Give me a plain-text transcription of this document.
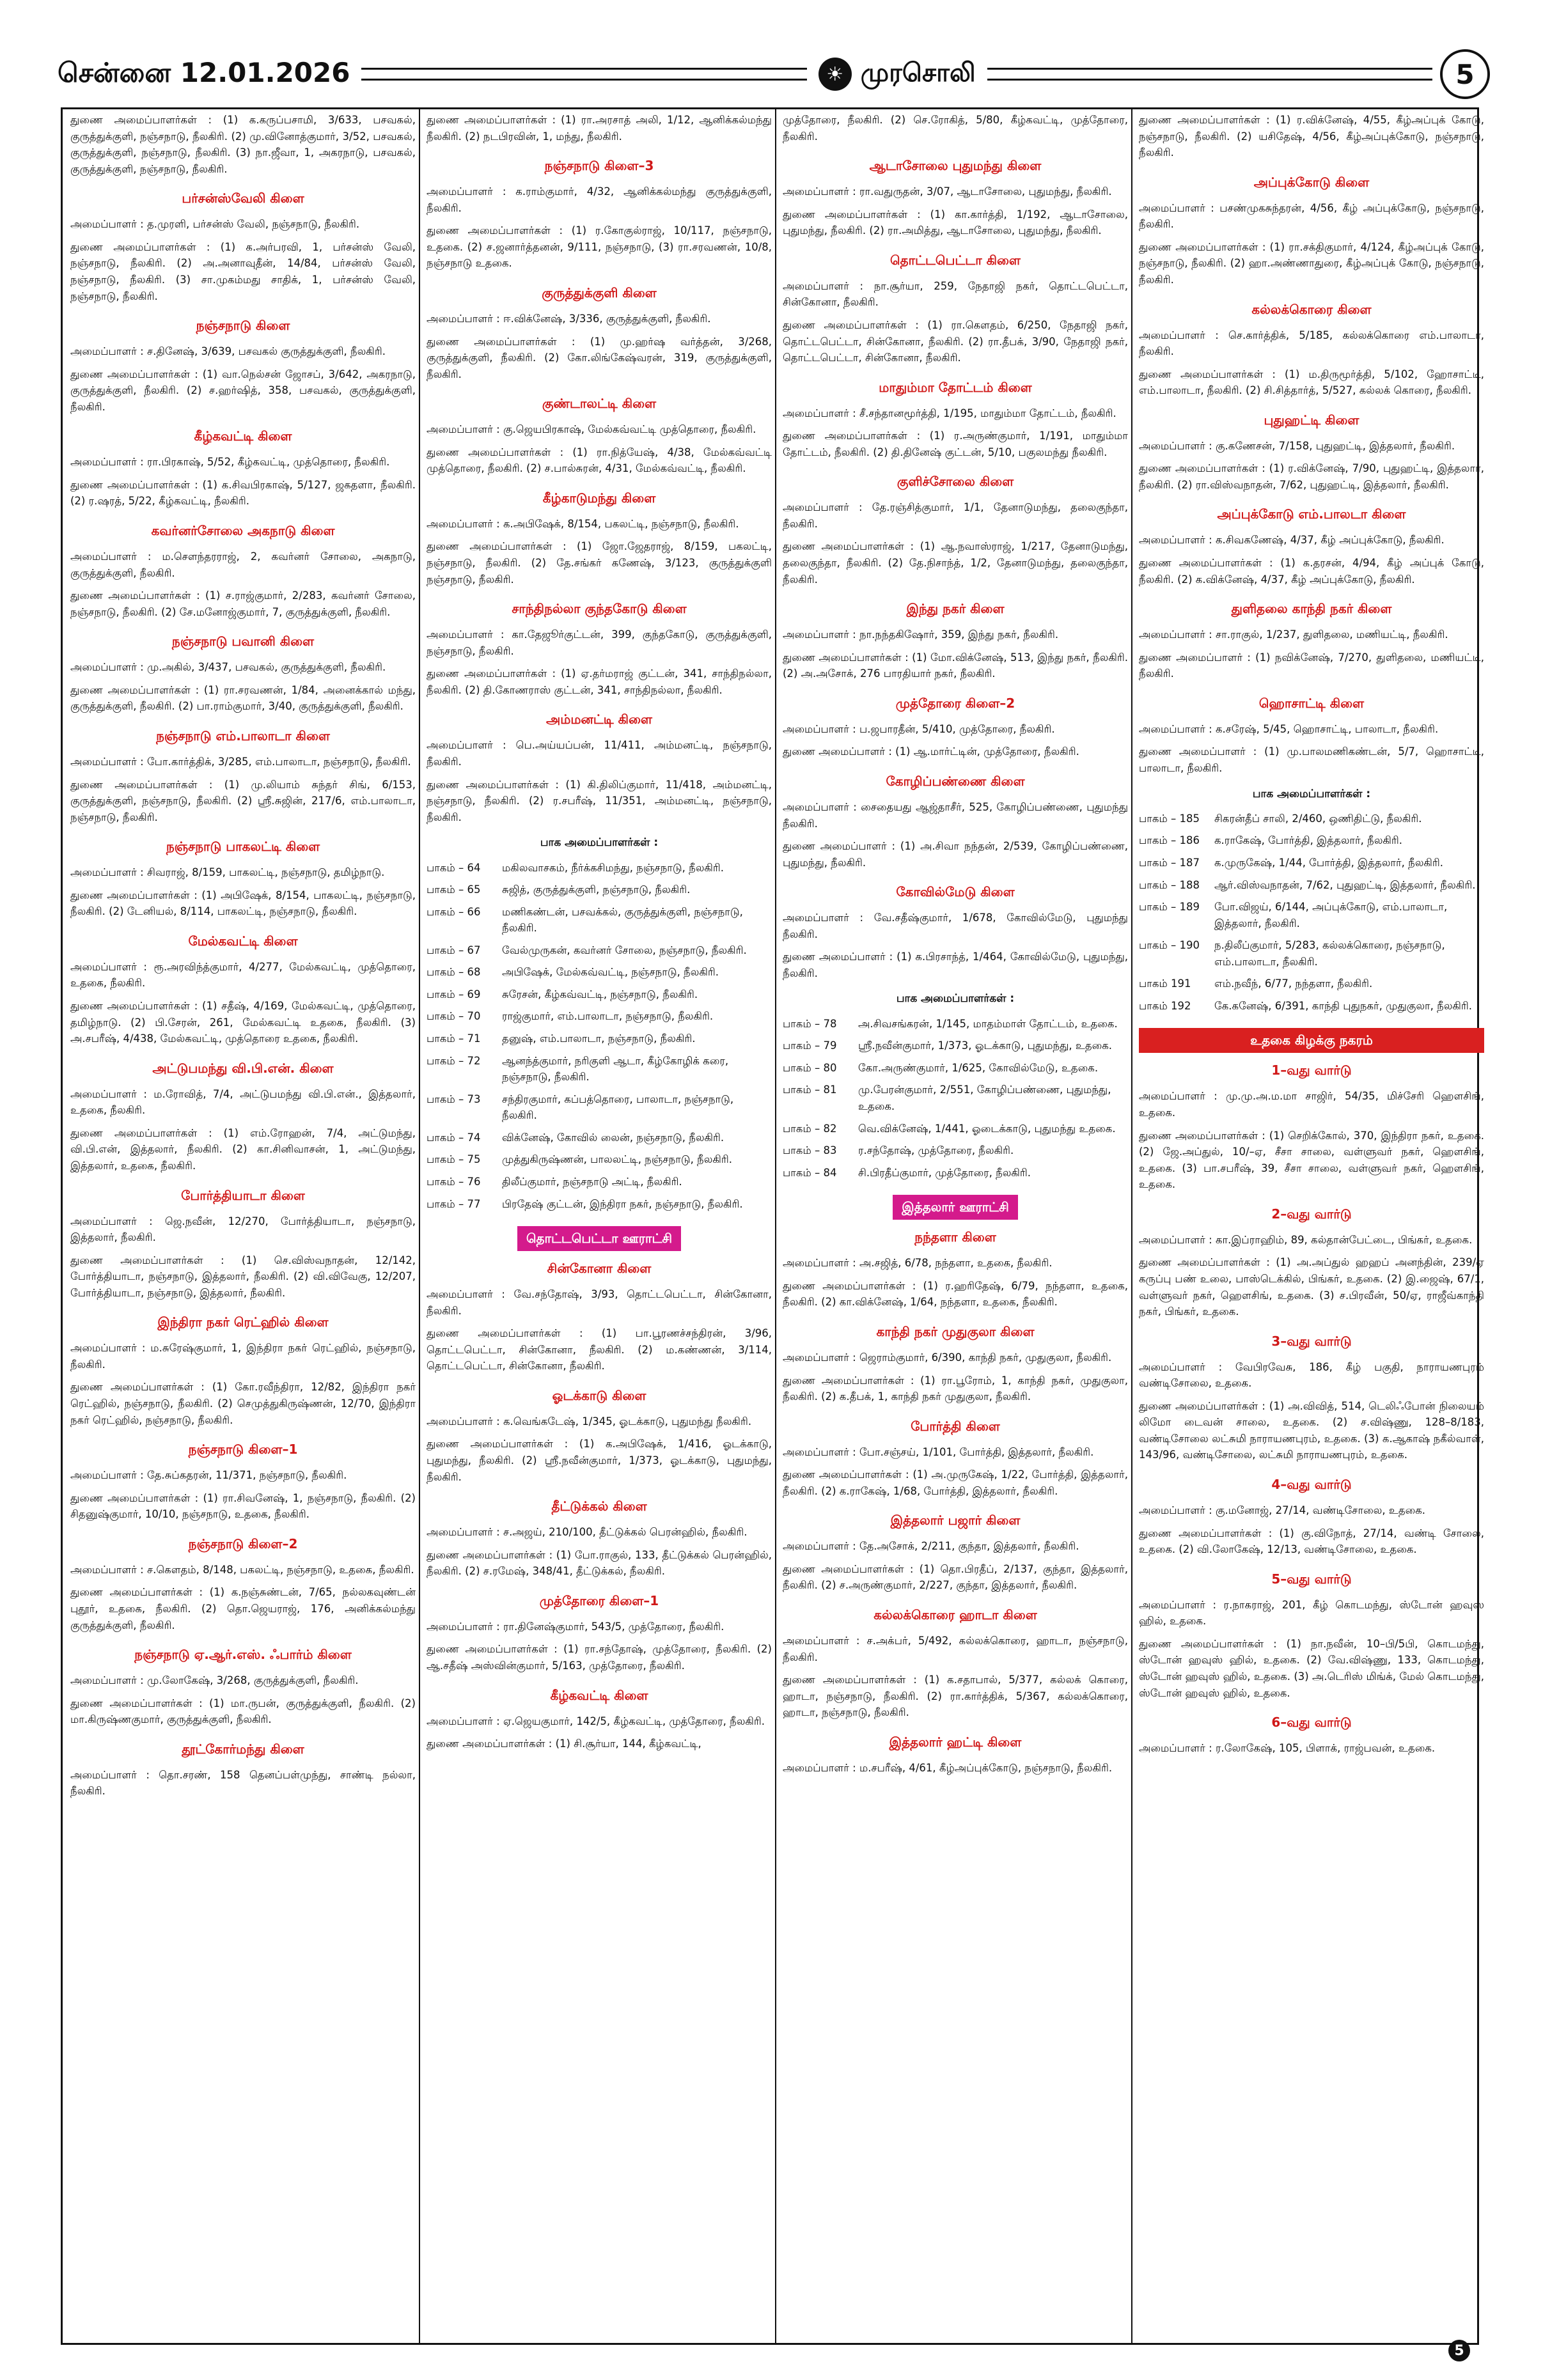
சென்னை 12.01.2026	☀ முரசொலி	5

துணை அமைப்பாளர்கள் : (1) க.கருப்பசாமி, 3/633, பசவகல், குருத்துக்குளி, நஞ்சநாடு, நீலகிரி. (2) மு.வினோத்குமார், 3/52, பசவகல், குருத்துக்குளி, நஞ்சநாடு, நீலகிரி. (3) நா.ஜீவா, 1, அகரநாடு, பசவகல், குருத்துக்குளி, நஞ்சநாடு, நீலகிரி.

பர்சன்ஸ்வேலி கிளை

அமைப்பாளர் : த.முரளி, பர்சன்ஸ் வேலி, நஞ்சநாடு, நீலகிரி.

துணை அமைப்பாளர்கள் : (1) க.அர்பரவி, 1, பர்சன்ஸ் வேலி, நஞ்சநாடு, நீலகிரி. (2) அ.அனாவுதீன், 14/84, பர்சன்ஸ் வேலி, நஞ்சநாடு, நீலகிரி. (3) சா.முகம்மது சாதிக், 1, பர்சன்ஸ் வேலி, நஞ்சநாடு, நீலகிரி.

நஞ்சநாடு கிளை

அமைப்பாளர் : ச.தினேஷ், 3/639, பசவகல் குருத்துக்குளி, நீலகிரி.

துணை அமைப்பாளர்கள் : (1) வா.நெல்சன் ஜோசப், 3/642, அகரநாடு, குருத்துக்குளி, நீலகிரி. (2) ச.ஹர்ஷித், 358, பசவகல், குருத்துக்குளி, நீலகிரி.

கீழ்கவட்டி கிளை

அமைப்பாளர் : ரா.பிரகாஷ், 5/52, கீழ்கவட்டி, முத்தொரை, நீலகிரி.

துணை அமைப்பாளர்கள் : (1) க.சிவபிரகாஷ், 5/127, ஜகதளா, நீலகிரி. (2) ர.ஷரத், 5/22, கீழ்கவட்டி, நீலகிரி.

கவர்னர்சோலை அகநாடு கிளை

அமைப்பாளர் : ம.சௌந்தரராஜ், 2, கவர்னர் சோலை, அகநாடு, குருத்துக்குளி, நீலகிரி.

துணை அமைப்பாளர்கள் : (1) ச.ராஜ்குமார், 2/283, கவர்னர் சோலை, நஞ்சநாடு, நீலகிரி. (2) சே.மனோஜ்குமார், 7, குருத்துக்குளி, நீலகிரி.

நஞ்சநாடு பவானி கிளை

அமைப்பாளர் : மு.அகில், 3/437, பசவகல், குருத்துக்குளி, நீலகிரி.

துணை அமைப்பாளர்கள் : (1) ரா.சரவணன், 1/84, அனைக்கால் மந்து, குருத்துக்குளி, நீலகிரி. (2) பா.ராம்குமார், 3/40, குருத்துக்குளி, நீலகிரி.

நஞ்சநாடு எம்.பாலாடா கிளை

அமைப்பாளர் : போ.கார்த்திக், 3/285, எம்.பாலாடா, நஞ்சநாடு, நீலகிரி.

துணை அமைப்பாளர்கள் : (1) மு.லியாம் சுந்தர் சிங், 6/153, குருத்துக்குளி, நஞ்சநாடு, நீலகிரி. (2) ஸ்ரீ.சுஜின், 217/6, எம்.பாலாடா, நஞ்சநாடு, நீலகிரி.

நஞ்சநாடு பாகலட்டி கிளை

அமைப்பாளர் : சிவராஜ், 8/159, பாகலட்டி, நஞ்சநாடு, தமிழ்நாடு.

துணை அமைப்பாளர்கள் : (1) அபிஷேக், 8/154, பாகலட்டி, நஞ்சநாடு, நீலகிரி. (2) டேனியல், 8/114, பாகலட்டி, நஞ்சநாடு, நீலகிரி.

மேல்கவட்டி கிளை

அமைப்பாளர் : ரூ.அரவிந்த்குமார், 4/277, மேல்கவட்டி, முத்தொரை, உதகை, நீலகிரி.

துணை அமைப்பாளர்கள் : (1) சதீஷ், 4/169, மேல்கவட்டி, முத்தொரை, தமிழ்நாடு. (2) பி.சேரன், 261, மேல்கவட்டி உதகை, நீலகிரி. (3) அ.சபரீஷ், 4/438, மேல்கவட்டி, முத்தொரை உதகை, நீலகிரி.

அட்டுபமந்து வி.பி.என். கிளை

அமைப்பாளர் : ம.ரோவித், 7/4, அட்டுபமந்து வி.பி.என்., இத்தலார், உதகை, நீலகிரி.

துணை அமைப்பாளர்கள் : (1) எம்.ரோஹன், 7/4, அட்டுமந்து, வி.பி.என், இத்தலார், நீலகிரி. (2) கா.சினிவாசன், 1, அட்டுமந்து, இத்தலார், உதகை, நீலகிரி.

போர்த்தியாடா கிளை

அமைப்பாளர் : ஜெ.நவீன், 12/270, போர்த்தியாடா, நஞ்சநாடு, இத்தலார், நீலகிரி.

துணை அமைப்பாளர்கள் : (1) செ.விஸ்வநாதன், 12/142, போர்த்தியாடா, நஞ்சநாடு, இத்தலார், நீலகிரி. (2) வி.விவேகு, 12/207, போர்த்தியாடா, நஞ்சநாடு, இத்தலார், நீலகிரி.

இந்திரா நகர் ரெட்ஹில் கிளை

அமைப்பாளர் : ம.சுரேஷ்குமார், 1, இந்திரா நகர் ரெட்ஹில், நஞ்சநாடு, நீலகிரி.

துணை அமைப்பாளர்கள் : (1) கோ.ரவீந்திரா, 12/82, இந்திரா நகர் ரெட்ஹில், நஞ்சநாடு, நீலகிரி. (2) செமுத்துகிருஷ்ணன், 12/70, இந்திரா நகர் ரெட்ஹில், நஞ்சநாடு, நீலகிரி.

நஞ்சநாடு கிளை–1

அமைப்பாளர் : தே.சுப்கதரன், 11/371, நஞ்சநாடு, நீலகிரி.

துணை அமைப்பாளர்கள் : (1) ரா.சிவனேஷ், 1, நஞ்சநாடு, நீலகிரி. (2) சிதனுஷ்குமார், 10/10, நஞ்சநாடு, உதகை, நீலகிரி.

நஞ்சநாடு கிளை–2

அமைப்பாளர் : ச.கௌதம், 8/148, பகலட்டி, நஞ்சநாடு, உதகை, நீலகிரி.

துணை அமைப்பாளர்கள் : (1) க.நஞ்சுண்டன், 7/65, நல்லகவுண்டன் புதூர், உதகை, நீலகிரி. (2) தொ.ஜெயராஜ், 176, அனிக்கல்மந்து குருத்துக்குளி, நீலகிரி.

நஞ்சநாடு ஏ.ஆர்.எஸ். ஃபார்ம் கிளை

அமைப்பாளர் : மு.லோகேஷ், 3/268, குருத்துக்குளி, நீலகிரி.

துணை அமைப்பாளர்கள் : (1) மா.ருபன், குருத்துக்குளி, நீலகிரி. (2) மா.கிருஷ்ணகுமார், குருத்துக்குளி, நீலகிரி.

தூட்கோர்மந்து கிளை

அமைப்பாளர் : தொ.சரண், 158 தெனப்பள்முந்து, சாண்டி நல்லா, நீலகிரி.

துணை அமைப்பாளர்கள் : (1) ரா.அரசாத் அலி, 1/12, ஆனிக்கல்மந்து நீலகிரி. (2) நடபிரவின், 1, மந்து, நீலகிரி.

நஞ்சநாடு கிளை–3

அமைப்பாளர் : க.ராம்குமார், 4/32, ஆனிக்கல்மந்து குருத்துக்குளி, நீலகிரி.

துணை அமைப்பாளர்கள் : (1) ர.கோகுல்ராஜ், 10/117, நஞ்சநாடு, உதகை. (2) ச.ஜனார்த்தனன், 9/111, நஞ்சநாடு, (3) ரா.சரவணன், 10/8, நஞ்சநாடு உதகை.

குருத்துக்குளி கிளை

அமைப்பாளர் : ஈ.விக்னேஷ், 3/336, குருத்துக்குளி, நீலகிரி.

துணை அமைப்பாளர்கள் : (1) மு.ஹர்ஷ வர்த்தன், 3/268, குருத்துக்குளி, நீலகிரி. (2) கோ.லிங்கேஷ்வரன், 319, குருத்துக்குளி, நீலகிரி.

குண்டாலட்டி கிளை

அமைப்பாளர் : கு.ஜெயபிரகாஷ், மேல்கவ்வட்டி முத்தொரை, நீலகிரி.

துணை அமைப்பாளர்கள் : (1) ரா.நித்யேஷ், 4/38, மேல்கவ்வட்டி முத்தொரை, நீலகிரி. (2) ச.பால்சுரன், 4/31, மேல்கவ்வட்டி, நீலகிரி.

கீழ்காடுமந்து கிளை

அமைப்பாளர் : க.அபிஷேக், 8/154, பகலட்டி, நஞ்சநாடு, நீலகிரி.

துணை அமைப்பாளர்கள் : (1) ஜோ.ஜேதராஜ், 8/159, பகலட்டி, நஞ்சநாடு, நீலகிரி. (2) தே.சங்கர் கணேஷ், 3/123, குருத்துக்குளி நஞ்சநாடு, நீலகிரி.

சாந்திநல்லா குந்தகோடு கிளை

அமைப்பாளர் : கா.தேஜூர்குட்டன், 399, குந்தகோடு, குருத்துக்குளி, நஞ்சநாடு, நீலகிரி.

துணை அமைப்பாளர்கள் : (1) ஏ.தர்மராஜ் குட்டன், 341, சாந்திநல்லா, நீலகிரி. (2) தி.கோணராஸ் குட்டன், 341, சாந்திநல்லா, நீலகிரி.

அம்மனட்டி கிளை

அமைப்பாளர் : பெ.அய்யப்பன், 11/411, அம்மனட்டி, நஞ்சநாடு, நீலகிரி.

துணை அமைப்பாளர்கள் : (1) கி.திலிப்குமார், 11/418, அம்மனட்டி, நஞ்சநாடு, நீலகிரி. (2) ர.சபரீஷ், 11/351, அம்மனட்டி, நஞ்சநாடு, நீலகிரி.

பாக அமைப்பாளர்கள் :
பாகம் – 64	மகிலவாசகம், நீர்க்கசிமந்து, நஞ்சநாடு, நீலகிரி.
பாகம் – 65	சுஜித், குருத்துக்குளி, நஞ்சநாடு, நீலகிரி.
பாகம் – 66	மணிகண்டன், பசவக்கல், குருத்துக்குளி, நஞ்சநாடு, நீலகிரி.
பாகம் – 67	வேல்முருகன், கவர்னர் சோலை, நஞ்சநாடு, நீலகிரி.
பாகம் – 68	அபிஷேக், மேல்கவ்வட்டி, நஞ்சநாடு, நீலகிரி.
பாகம் – 69	சுரேசன், கீழ்கவ்வட்டி, நஞ்சநாடு, நீலகிரி.
பாகம் – 70	ராஜ்குமார், எம்.பாலாடா, நஞ்சநாடு, நீலகிரி.
பாகம் – 71	தனுஷ், எம்.பாலாடா, நஞ்சநாடு, நீலகிரி.
பாகம் – 72	ஆனந்த்குமார், நரிகுளி ஆடா, கீழ்கோழிக் கரை, நஞ்சநாடு, நீலகிரி.
பாகம் – 73	சந்திரகுமார், கப்பத்தொரை, பாலாடா, நஞ்சநாடு, நீலகிரி.
பாகம் – 74	விக்னேஷ், கோவில் லைன், நஞ்சநாடு, நீலகிரி.
பாகம் – 75	முத்துகிருஷ்ணன், பாலலட்டி, நஞ்சநாடு, நீலகிரி.
பாகம் – 76	திலீப்குமார், நஞ்சநாடு அட்டி, நீலகிரி.
பாகம் – 77	பிரதேஷ் குட்டன், இந்திரா நகர், நஞ்சநாடு, நீலகிரி.
தொட்டபெட்டா ஊராட்சி
சின்கோனா கிளை

அமைப்பாளர் : வே.சந்தோஷ், 3/93, தொட்டபெட்டா, சின்கோனா, நீலகிரி.

துணை அமைப்பாளர்கள் : (1) பா.பூரணச்சந்திரன், 3/96, தொட்டபெட்டா, சின்கோனா, நீலகிரி. (2) ம.கண்ணன், 3/114, தொட்டபெட்டா, சின்கோனா, நீலகிரி.

ஓடக்காடு கிளை

அமைப்பாளர் : க.வெங்கடேஷ், 1/345, ஓடக்காடு, புதுமந்து நீலகிரி.

துணை அமைப்பாளர்கள் : (1) க.அபிஷேக், 1/416, ஓடக்காடு, புதுமந்து, நீலகிரி. (2) ஸ்ரீ.நவீன்குமார், 1/373, ஓடக்காடு, புதுமந்து, நீலகிரி.

தீட்டுக்கல் கிளை

அமைப்பாளர் : ச.அஜய், 210/100, தீட்டுக்கல் பெரன்ஹில், நீலகிரி.

துணை அமைப்பாளர்கள் : (1) போ.ராகுல், 133, தீட்டுக்கல் பெரன்ஹில், நீலகிரி. (2) ச.ரமேஷ், 348/41, தீட்டுக்கல், நீலகிரி.

முத்தோரை கிளை–1

அமைப்பாளர் : ரா.தினேஷ்குமார், 543/5, முத்தோரை, நீலகிரி.

துணை அமைப்பாளர்கள் : (1) ரா.சந்தோஷ், முத்தோரை, நீலகிரி. (2) ஆ.சதீஷ் அஸ்வின்குமார், 5/163, முத்தோரை, நீலகிரி.

கீழ்கவட்டி கிளை

அமைப்பாளர் : ஏ.ஜெயகுமார், 142/5, கீழ்கவட்டி, முத்தோரை, நீலகிரி.

துணை அமைப்பாளர்கள் : (1) சி.சூர்யா, 144, கீழ்கவட்டி,

முத்தோரை, நீலகிரி. (2) செ.ரோகித், 5/80, கீழ்கவட்டி, முத்தோரை, நீலகிரி.

ஆடாசோலை புதுமந்து கிளை

அமைப்பாளர் : ரா.வதுருதன், 3/07, ஆடாசோலை, புதுமந்து, நீலகிரி.

துணை அமைப்பாளர்கள் : (1) கா.கார்த்தி, 1/192, ஆடாசோலை, புதுமந்து, நீலகிரி. (2) ரா.அமித்து, ஆடாசோலை, புதுமந்து, நீலகிரி.

தொட்டபெட்டா கிளை

அமைப்பாளர் : நா.சூர்யா, 259, நேதாஜி நகர், தொட்டபெட்டா, சின்கோனா, நீலகிரி.

துணை அமைப்பாளர்கள் : (1) ரா.கௌதம், 6/250, நேதாஜி நகர், தொட்டபெட்டா, சின்கோனா, நீலகிரி. (2) ரா.தீபக், 3/90, நேதாஜி நகர், தொட்டபெட்டா, சின்கோனா, நீலகிரி.

மாதும்மா தோட்டம் கிளை

அமைப்பாளர் : சீ.சந்தானமூர்த்தி, 1/195, மாதும்மா தோட்டம், நீலகிரி.

துணை அமைப்பாளர்கள் : (1) ர.அருண்குமார், 1/191, மாதும்மா தோட்டம், நீலகிரி. (2) தி.தினேஷ் குட்டன், 5/10, பகுலமந்து நீலகிரி.

குளிச்சோலை கிளை

அமைப்பாளர் : தே.ரஞ்சித்குமார், 1/1, தேனாடுமந்து, தலைகுந்தா, நீலகிரி.

துணை அமைப்பாளர்கள் : (1) ஆ.நவாஸ்ராஜ், 1/217, தேனாடுமந்து, தலைகுந்தா, நீலகிரி. (2) தே.நிசாந்த், 1/2, தேனாடுமந்து, தலைகுந்தா, நீலகிரி.

இந்து நகர் கிளை

அமைப்பாளர் : நா.நந்தகிஷோர், 359, இந்து நகர், நீலகிரி.

துணை அமைப்பாளர்கள் : (1) மோ.விக்னேஷ், 513, இந்து நகர், நீலகிரி. (2) அ.அசோக், 276 பாரதியார் நகர், நீலகிரி.

முத்தோரை கிளை–2

அமைப்பாளர் : ப.ஜபாரதீன், 5/410, முத்தோரை, நீலகிரி.

துணை அமைப்பாளர் : (1) ஆ.மார்ட்டின், முத்தோரை, நீலகிரி.

கோழிப்பண்ணை கிளை

அமைப்பாளர் : சைதையது ஆஜ்தாசீர், 525, கோழிப்பண்ணை, புதுமந்து நீலகிரி.

துணை அமைப்பாளர் : (1) அ.சிவா நந்தன், 2/539, கோழிப்பண்ணை, புதுமந்து, நீலகிரி.

கோவில்மேடு கிளை

அமைப்பாளர் : வே.சதீஷ்குமார், 1/678, கோவில்மேடு, புதுமந்து நீலகிரி.

துணை அமைப்பாளர் : (1) க.பிரசாந்த், 1/464, கோவில்மேடு, புதுமந்து, நீலகிரி.

பாக அமைப்பாளர்கள் :
பாகம் – 78	அ.சிவசங்கரன், 1/145, மாதம்மாள் தோட்டம், உதகை.
பாகம் – 79	ஸ்ரீ.நவீன்குமார், 1/373, ஓடக்காடு, புதுமந்து, உதகை.
பாகம் – 80	கோ.அருண்குமார், 1/625, கோவில்மேடு, உதகை.
பாகம் – 81	மு.பேரன்குமார், 2/551, கோழிப்பண்ணை, புதுமந்து, உதகை.
பாகம் – 82	வெ.விக்னேஷ், 1/441, ஓடைக்காடு, புதுமந்து உதகை.
பாகம் – 83	ர.சந்தோஷ், முத்தோரை, நீலகிரி.
பாகம் – 84	சி.பிரதீப்குமார், முத்தோரை, நீலகிரி.
இத்தலார் ஊராட்சி
நந்தளா கிளை

அமைப்பாளர் : அ.சஜித், 6/78, நந்தளா, உதகை, நீலகிரி.

துணை அமைப்பாளர்கள் : (1) ர.ஹரிதேஷ், 6/79, நந்தளா, உதகை, நீலகிரி. (2) கா.விக்னேஷ், 1/64, நந்தளா, உதகை, நீலகிரி.

காந்தி நகர் முதுகுலா கிளை

அமைப்பாளர் : ஜெராம்குமார், 6/390, காந்தி நகர், முதுகுலா, நீலகிரி.

துணை அமைப்பாளர்கள் : (1) ரா.பூரோம், 1, காந்தி நகர், முதுகுலா, நீலகிரி. (2) க.தீபக், 1, காந்தி நகர் முதுகுலா, நீலகிரி.

போர்த்தி கிளை

அமைப்பாளர் : போ.சஞ்சய், 1/101, போர்த்தி, இத்தலார், நீலகிரி.

துணை அமைப்பாளர்கள் : (1) அ.முருகேஷ், 1/22, போர்த்தி, இத்தலார், நீலகிரி. (2) க.ராகேஷ், 1/68, போர்த்தி, இத்தலார், நீலகிரி.

இத்தலார் பஜார் கிளை

அமைப்பாளர் : தே.அசோக், 2/211, குந்தா, இத்தலார், நீலகிரி.

துணை அமைப்பாளர்கள் : (1) தொ.பிரதீப், 2/137, குந்தா, இத்தலார், நீலகிரி. (2) ச.அருண்குமார், 2/227, குந்தா, இத்தலார், நீலகிரி.

கல்லக்கொரை ஹாடா கிளை

அமைப்பாளர் : ச.அக்பர், 5/492, கல்லக்கொரை, ஹாடா, நஞ்சநாடு, நீலகிரி.

துணை அமைப்பாளர்கள் : (1) க.சதாபால், 5/377, கல்லக் கொரை, ஹாடா, நஞ்சநாடு, நீலகிரி. (2) ரா.கார்த்திக், 5/367, கல்லக்கொரை, ஹாடா, நஞ்சநாடு, நீலகிரி.

இத்தலார் ஹட்டி கிளை

அமைப்பாளர் : ம.சபரீஷ், 4/61, கீழ்அப்புக்கோடு, நஞ்சநாடு, நீலகிரி.

துணை அமைப்பாளர்கள் : (1) ர.விக்னேஷ், 4/55, கீழ்அப்புக் கோடு, நஞ்சநாடு, நீலகிரி. (2) யசிதேஷ், 4/56, கீழ்அப்புக்கோடு, நஞ்சநாடு, நீலகிரி.

அப்புக்கோடு கிளை

அமைப்பாளர் : பசண்முகசுந்தரன், 4/56, கீழ் அப்புக்கோடு, நஞ்சநாடு, நீலகிரி.

துணை அமைப்பாளர்கள் : (1) ரா.சக்திகுமார், 4/124, கீழ்அப்புக் கோடு, நஞ்சநாடு, நீலகிரி. (2) ஹா.அண்ணாதுரை, கீழ்அப்புக் கோடு, நஞ்சநாடு, நீலகிரி.

கல்லக்கொரை கிளை

அமைப்பாளர் : செ.கார்த்திக், 5/185, கல்லக்கொரை எம்.பாலாடா, நீலகிரி.

துணை அமைப்பாளர்கள் : (1) ம.திருமூர்த்தி, 5/102, ஹோசாட்டி, எம்.பாலாடா, நீலகிரி. (2) சி.சித்தார்த், 5/527, கல்லக் கொரை, நீலகிரி.

புதுஹட்டி கிளை

அமைப்பாளர் : கு.கணேசன், 7/158, புதுஹட்டி, இத்தலார், நீலகிரி.

துணை அமைப்பாளர்கள் : (1) ர.விக்னேஷ், 7/90, புதுஹட்டி, இத்தலார், நீலகிரி. (2) ரா.விஸ்வநாதன், 7/62, புதுஹட்டி, இத்தலார், நீலகிரி.

அப்புக்கோடு எம்.பாலடா கிளை

அமைப்பாளர் : க.சிவகணேஷ், 4/37, கீழ் அப்புக்கோடு, நீலகிரி.

துணை அமைப்பாளர்கள் : (1) க.தரசன், 4/94, கீழ் அப்புக் கோடு, நீலகிரி. (2) க.விக்னேஷ், 4/37, கீழ் அப்புக்கோடு, நீலகிரி.

துளிதலை காந்தி நகர் கிளை

அமைப்பாளர் : சா.ராகுல், 1/237, துளிதலை, மணியட்டி, நீலகிரி.

துணை அமைப்பாளர் : (1) நவிக்னேஷ், 7/270, துளிதலை, மணியட்டி, நீலகிரி.

ஹொசாட்டி கிளை

அமைப்பாளர் : க.சரேஷ், 5/45, ஹொசாட்டி, பாலாடா, நீலகிரி.

துணை அமைப்பாளர் : (1) மு.பாலமணிகண்டன், 5/7, ஹொசாட்டி, பாலாடா, நீலகிரி.

பாக அமைப்பாளர்கள் :
பாகம் – 185	சிகரன்தீப் சாலி, 2/460, ஒணிதிட்டு, நீலகிரி.
பாகம் – 186	க.ராகேஷ், போர்த்தி, இத்தலார், நீலகிரி.
பாகம் – 187	க.முருகேஷ், 1/44, போர்த்தி, இத்தலார், நீலகிரி.
பாகம் – 188	ஆர்.விஸ்வநாதன், 7/62, புதுஹட்டி, இத்தலார், நீலகிரி.
பாகம் – 189	போ.விஜய், 6/144, அப்புக்கோடு, எம்.பாலாடா, இத்தலார், நீலகிரி.
பாகம் – 190	ந.திலீப்குமார், 5/283, கல்லக்கொரை, நஞ்சநாடு, எம்.பாலாடா, நீலகிரி.
பாகம் 191	எம்.நவீந், 6/77, நந்தளா, நீலகிரி.
பாகம் 192	கே.கனேஷ், 6/391, காந்தி புதுநகர், முதுகுலா, நீலகிரி.
உதகை கிழக்கு நகரம்
1–வது வார்டு

அமைப்பாளர் : மு.மு.அ.ம.மா சாஜிர், 54/35, மிச்சேரி ஹௌசிங், உதகை.

துணை அமைப்பாளர்கள் : (1) செறிக்கோல், 370, இந்திரா நகர், உதகை. (2) ஜே.அப்துல், 10/–ஏ, சீசா சாலை, வள்ளுவர் நகர், ஹௌசிங், உதகை. (3) பா.சபரீஷ், 39, சீசா சாலை, வள்ளுவர் நகர், ஹௌசிங், உதகை.

2–வது வார்டு

அமைப்பாளர் : கா.இப்ராஹிம், 89, கல்தான்பேட்டை, பிங்கர், உதகை.

துணை அமைப்பாளர்கள் : (1) அ.அப்துல் ஹஹப் அனந்தின், 239/ஏ கருப்பு பண் உலை, பாஸ்டெக்கில், பிங்கர், உதகை. (2) இ.ஜைஷ், 67/1, வள்ளுவர் நகர், ஹௌசிங், உதகை. (3) ச.பிரவீன், 50/ஏ, ராஜீவ்காந்தி நகர், பிங்கர், உதகை.

3–வது வார்டு

அமைப்பாளர் : வேபிரவேசு, 186, கீழ் பகுதி, நாராயணபுரம் வண்டிசோலை, உதகை.

துணை அமைப்பாளர்கள் : (1) அ.விவித், 514, டெலிஃபோன் நிலையம் லிமோ டைவன் சாலை, உதகை. (2) ச.விஷ்ணு, 128–8/183, வண்டிசோலை லட்சுமி நாராயணபுரம், உதகை. (3) க.ஆகாஷ் நகீல்வாள், 143/96, வண்டிசோலை, லட்சுமி நாராயணபுரம், உதகை.

4–வது வார்டு

அமைப்பாளர் : கு.மனோஜ், 27/14, வண்டிசோலை, உதகை.

துணை அமைப்பாளர்கள் : (1) கு.விநோத், 27/14, வண்டி சோலை, உதகை. (2) வி.லோகேஷ், 12/13, வண்டிசோலை, உதகை.

5–வது வார்டு

அமைப்பாளர் : ர.நாகராஜ், 201, கீழ் கொடமந்து, ஸ்டோன் ஹவுஸ் ஹில், உதகை.

துணை அமைப்பாளர்கள் : (1) நா.நவீன், 10–பி/5பி, கொடமந்து, ஸ்டோன் ஹவுஸ் ஹில், உதகை. (2) வே.விஷ்ணு, 133, கொடமந்து, ஸ்டோன் ஹவுஸ் ஹில், உதகை. (3) அ.டெரிஸ் மிங்க், மேல் கொடமந்து, ஸ்டோன் ஹவுஸ் ஹில், உதகை.

6–வது வார்டு

அமைப்பாளர் : ர.லோகேஷ், 105, பிளாக், ராஜ்பவன், உதகை.

5
